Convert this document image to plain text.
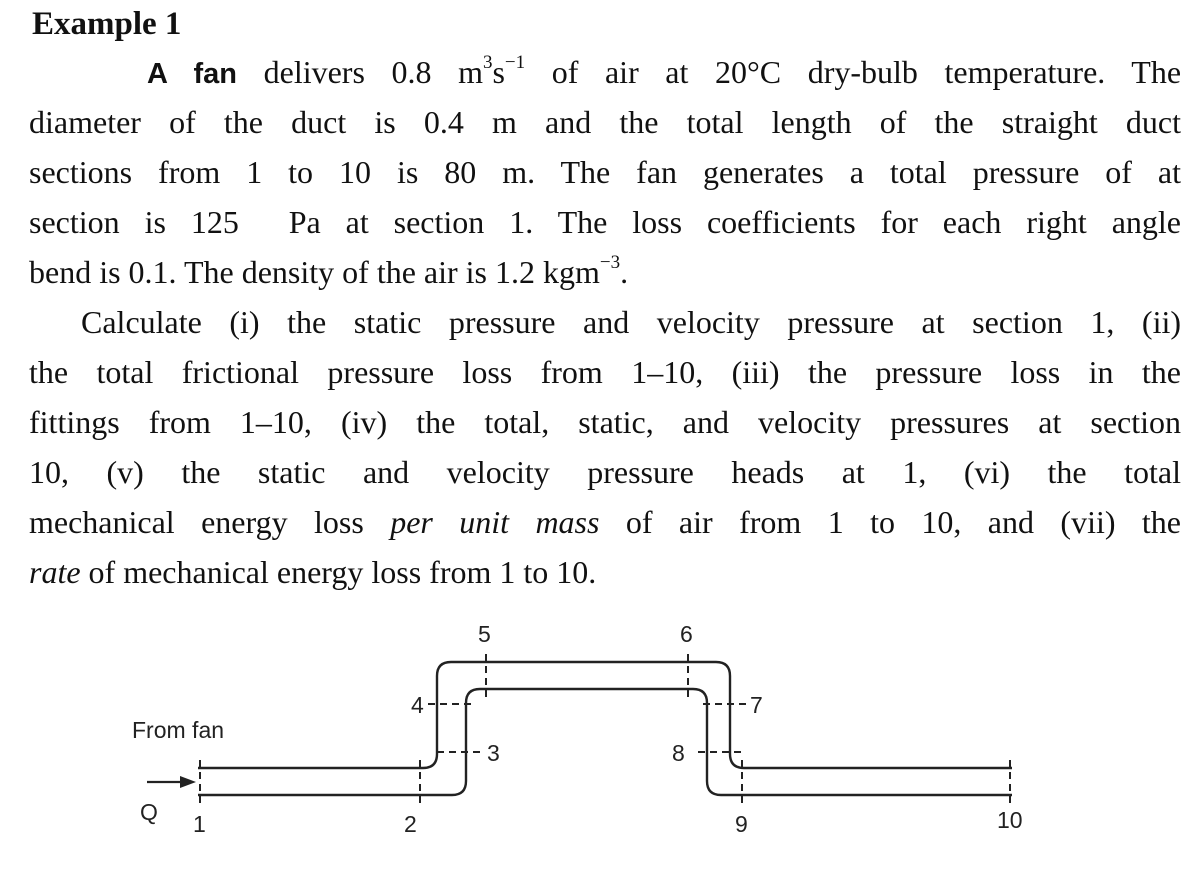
Example 1
A fan delivers 0.8 $m^3s^{-1}$ of air at 20°C dry-bulb temperature. The
diameter of the duct is 0.4 m and the total length of the straight duct
sections from 1 to 10 is 80 m. The fan generates a total pressure of at
section is 125 Pa at section 1. The loss coefficients for each right angle
bend is 0.1. The density of the air is 1.2 kgm$^{-3}$.
Calculate (i) the static pressure and velocity pressure at section 1, (ii)
the total frictional pressure loss from 1–10, (iii) the pressure loss in the
fittings from 1–10, (iv) the total, static, and velocity pressures at section
10, (v) the static and velocity pressure heads at 1, (vi) the total
mechanical energy loss per unit mass of air from 1 to 10, and (vii) the
rate of mechanical energy loss from 1 to 10.
From fan
Q 1	2
3
4
5	6
7
8
9	10
